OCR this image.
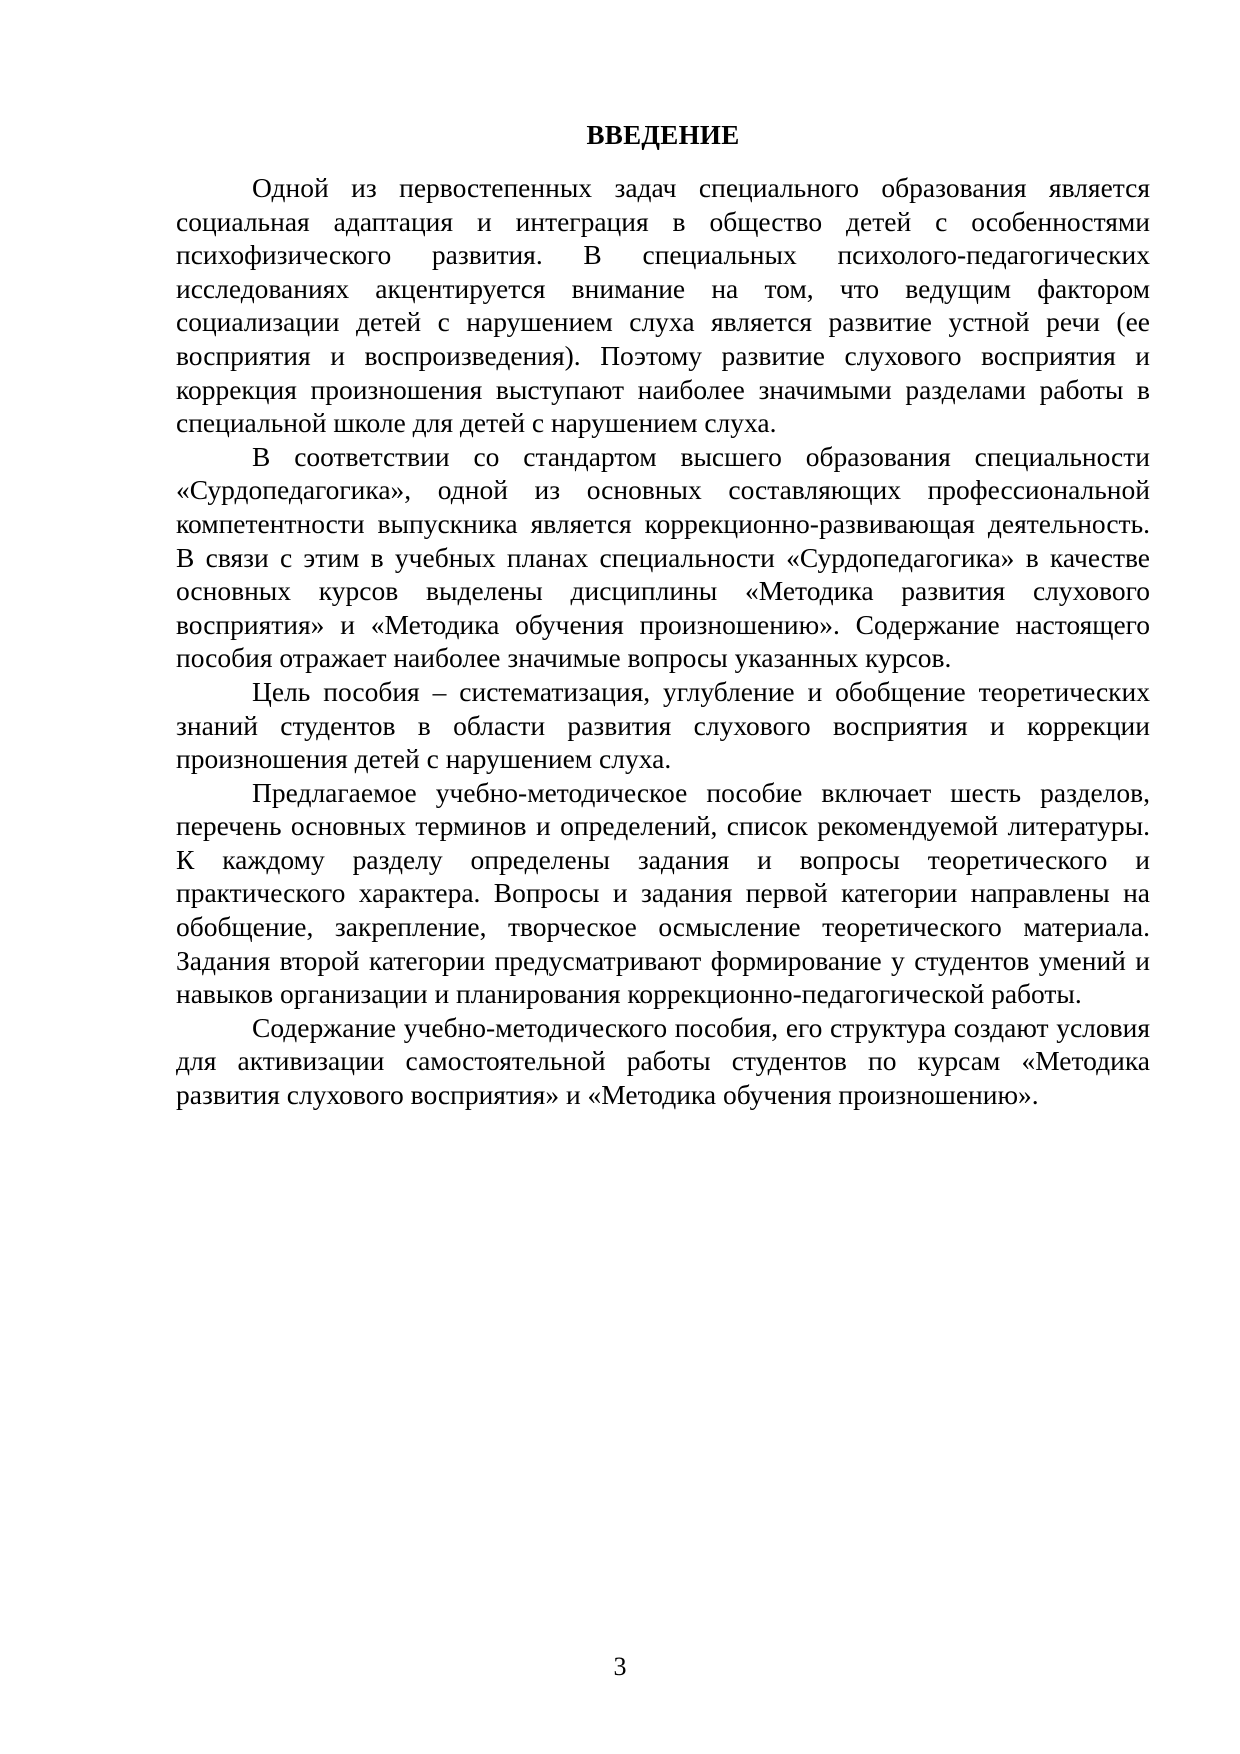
ВВЕДЕНИЕ

Одной из первостепенных задач специального образования является социальная адаптация и интеграция в общество детей с особенностями психофизического развития. В специальных психолого-педагогических исследованиях акцентируется внимание на том, что ведущим фактором социализации детей с нарушением слуха является развитие устной речи (ее восприятия и воспроизведения). Поэтому развитие слухового восприятия и коррекция произношения выступают наиболее значимыми разделами работы в специальной школе для детей с нарушением слуха.

В соответствии со стандартом высшего образования специальности «Сурдопедагогика», одной из основных составляющих профессиональной компетентности выпускника является коррекционно-развивающая деятельность. В связи с этим в учебных планах специальности «Сурдопедагогика» в качестве основных курсов выделены дисциплины «Методика развития слухового восприятия» и «Методика обучения произношению». Содержание настоящего пособия отражает наиболее значимые вопросы указанных курсов.

Цель пособия – систематизация, углубление и обобщение теоретических знаний студентов в области развития слухового восприятия и коррекции произношения детей с нарушением слуха.

Предлагаемое учебно-методическое пособие включает шесть разделов, перечень основных терминов и определений, список рекомендуемой литературы. К каждому разделу определены задания и вопросы теоретического и практического характера. Вопросы и задания первой категории направлены на обобщение, закрепление, творческое осмысление теоретического материала. Задания второй категории предусматривают формирование у студентов умений и навыков организации и планирования коррекционно-педагогической работы.

Содержание учебно-методического пособия, его структура создают условия для активизации самостоятельной работы студентов по курсам «Методика развития слухового восприятия» и «Методика обучения произношению».

3
